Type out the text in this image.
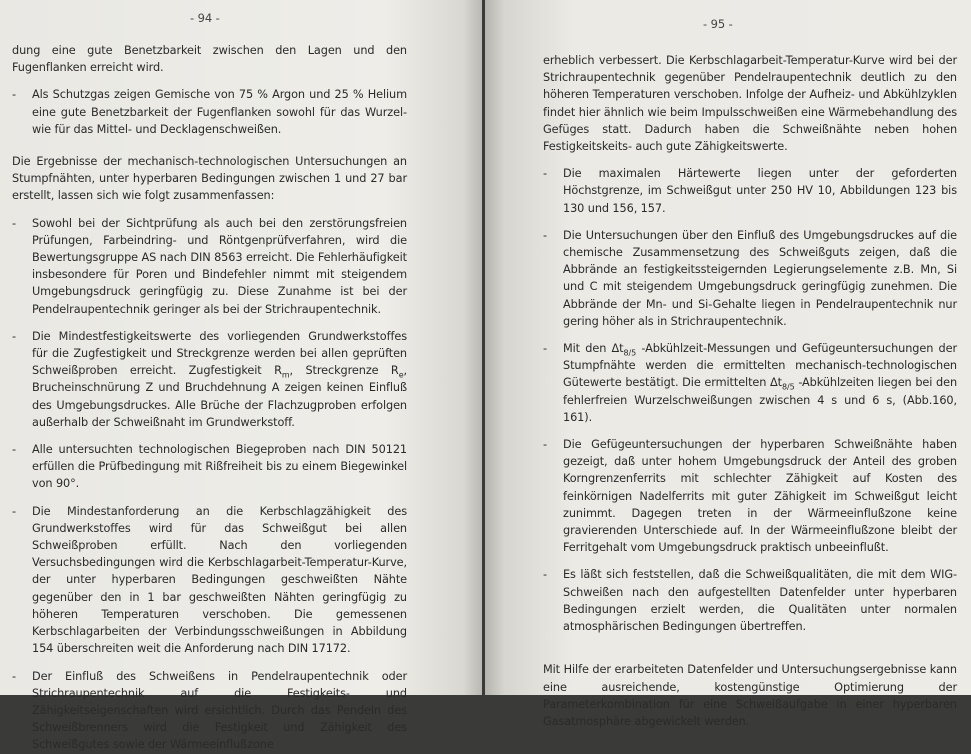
- 94 -

dung eine gute Benetzbarkeit zwischen den Lagen und den Fugenflanken erreicht wird.

- Als Schutzgas zeigen Gemische von 75 % Argon und 25 % Helium eine gute Benetzbarkeit der Fugenflanken sowohl für das Wurzel- wie für das Mittel- und Decklagenschweißen.

Die Ergebnisse der mechanisch-technologischen Untersuchungen an Stumpfnähten, unter hyperbaren Bedingungen zwischen 1 und 27 bar erstellt, lassen sich wie folgt zusammenfassen:

- Sowohl bei der Sichtprüfung als auch bei den zerstörungsfreien Prüfungen, Farbeindring- und Röntgenprüfverfahren, wird die Bewertungsgruppe AS nach DIN 8563 erreicht. Die Fehlerhäufigkeit insbesondere für Poren und Bindefehler nimmt mit steigendem Umgebungsdruck geringfügig zu. Diese Zunahme ist bei der Pendelraupentechnik geringer als bei der Strichraupentechnik.

- Die Mindestfestigkeitswerte des vorliegenden Grundwerkstoffes für die Zugfestigkeit und Streckgrenze werden bei allen geprüften Schweißproben erreicht. Zugfestigkeit $R_m$, Streckgrenze $R_e$, Brucheinschnürung Z und Bruchdehnung A zeigen keinen Einfluß des Umgebungsdruckes. Alle Brüche der Flachzugproben erfolgen außerhalb der Schweißnaht im Grundwerkstoff.

- Alle untersuchten technologischen Biegeproben nach DIN 50121 erfüllen die Prüfbedingung mit Rißfreiheit bis zu einem Biegewinkel von 90°.

- Die Mindestanforderung an die Kerbschlagzähigkeit des Grundwerkstoffes wird für das Schweißgut bei allen Schweißproben erfüllt. Nach den vorliegenden Versuchsbedingungen wird die Kerbschlagarbeit-Temperatur-Kurve, der unter hyperbaren Bedingungen geschweißten Nähte gegenüber den in 1 bar geschweißten Nähten geringfügig zu höheren Temperaturen verschoben. Die gemessenen Kerbschlagarbeiten der Verbindungsschweißungen in Abbildung 154 überschreiten weit die Anforderung nach DIN 17172.

- Der Einfluß des Schweißens in Pendelraupentechnik oder Strichraupentechnik auf die Festigkeits- und Zähigkeitseigenschaften wird ersichtlich. Durch das Pendeln des Schweißbrenners wird die Festigkeit und Zähigkeit des Schweißgutes sowie der Wärmeeinflußzone

- 95 -

erheblich verbessert. Die Kerbschlagarbeit-Temperatur-Kurve wird bei der Strichraupentechnik gegenüber Pendelraupentechnik deutlich zu den höheren Temperaturen verschoben. Infolge der Aufheiz- und Abkühlzyklen findet hier ähnlich wie beim Impulsschweißen eine Wärmebehandlung des Gefüges statt. Dadurch haben die Schweißnähte neben hohen Festigkeitskeits- auch gute Zähigkeitswerte.

- Die maximalen Härtewerte liegen unter der geforderten Höchstgrenze, im Schweißgut unter 250 HV 10, Abbildungen 123 bis 130 und 156, 157.

- Die Untersuchungen über den Einfluß des Umgebungsdruckes auf die chemische Zusammensetzung des Schweißguts zeigen, daß die Abbrände an festigkeitssteigernden Legierungselemente z.B. Mn, Si und C mit steigendem Umgebungsdruck geringfügig zunehmen. Die Abbrände der Mn- und Si-Gehalte liegen in Pendelraupentechnik nur gering höher als in Strichraupentechnik.

- Mit den $\Delta t_{8/5}$ -Abkühlzeit-Messungen und Gefügeuntersuchungen der Stumpfnähte werden die ermittelten mechanisch-technologischen Gütewerte bestätigt. Die ermittelten $\Delta t_{8/5}$ -Abkühlzeiten liegen bei den fehlerfreien Wurzelschweißungen zwischen 4 s und 6 s, (Abb.160, 161).

- Die Gefügeuntersuchungen der hyperbaren Schweißnähte haben gezeigt, daß unter hohem Umgebungsdruck der Anteil des groben Korngrenzenferrits mit schlechter Zähigkeit auf Kosten des feinkörnigen Nadelferrits mit guter Zähigkeit im Schweißgut leicht zunimmt. Dagegen treten in der Wärmeeinflußzone keine gravierenden Unterschiede auf. In der Wärmeeinflußzone bleibt der Ferritgehalt vom Umgebungsdruck praktisch unbeeinflußt.

- Es läßt sich feststellen, daß die Schweißqualitäten, die mit dem WIG-Schweißen nach den aufgestellten Datenfelder unter hyperbaren Bedingungen erzielt werden, die Qualitäten unter normalen atmosphärischen Bedingungen übertreffen.

Mit Hilfe der erarbeiteten Datenfelder und Untersuchungsergebnisse kann eine ausreichende, kostengünstige Optimierung der Parameterkombination für eine Schweißaufgabe in einer hyperbaren Gasatmosphäre abgewickelt werden.
